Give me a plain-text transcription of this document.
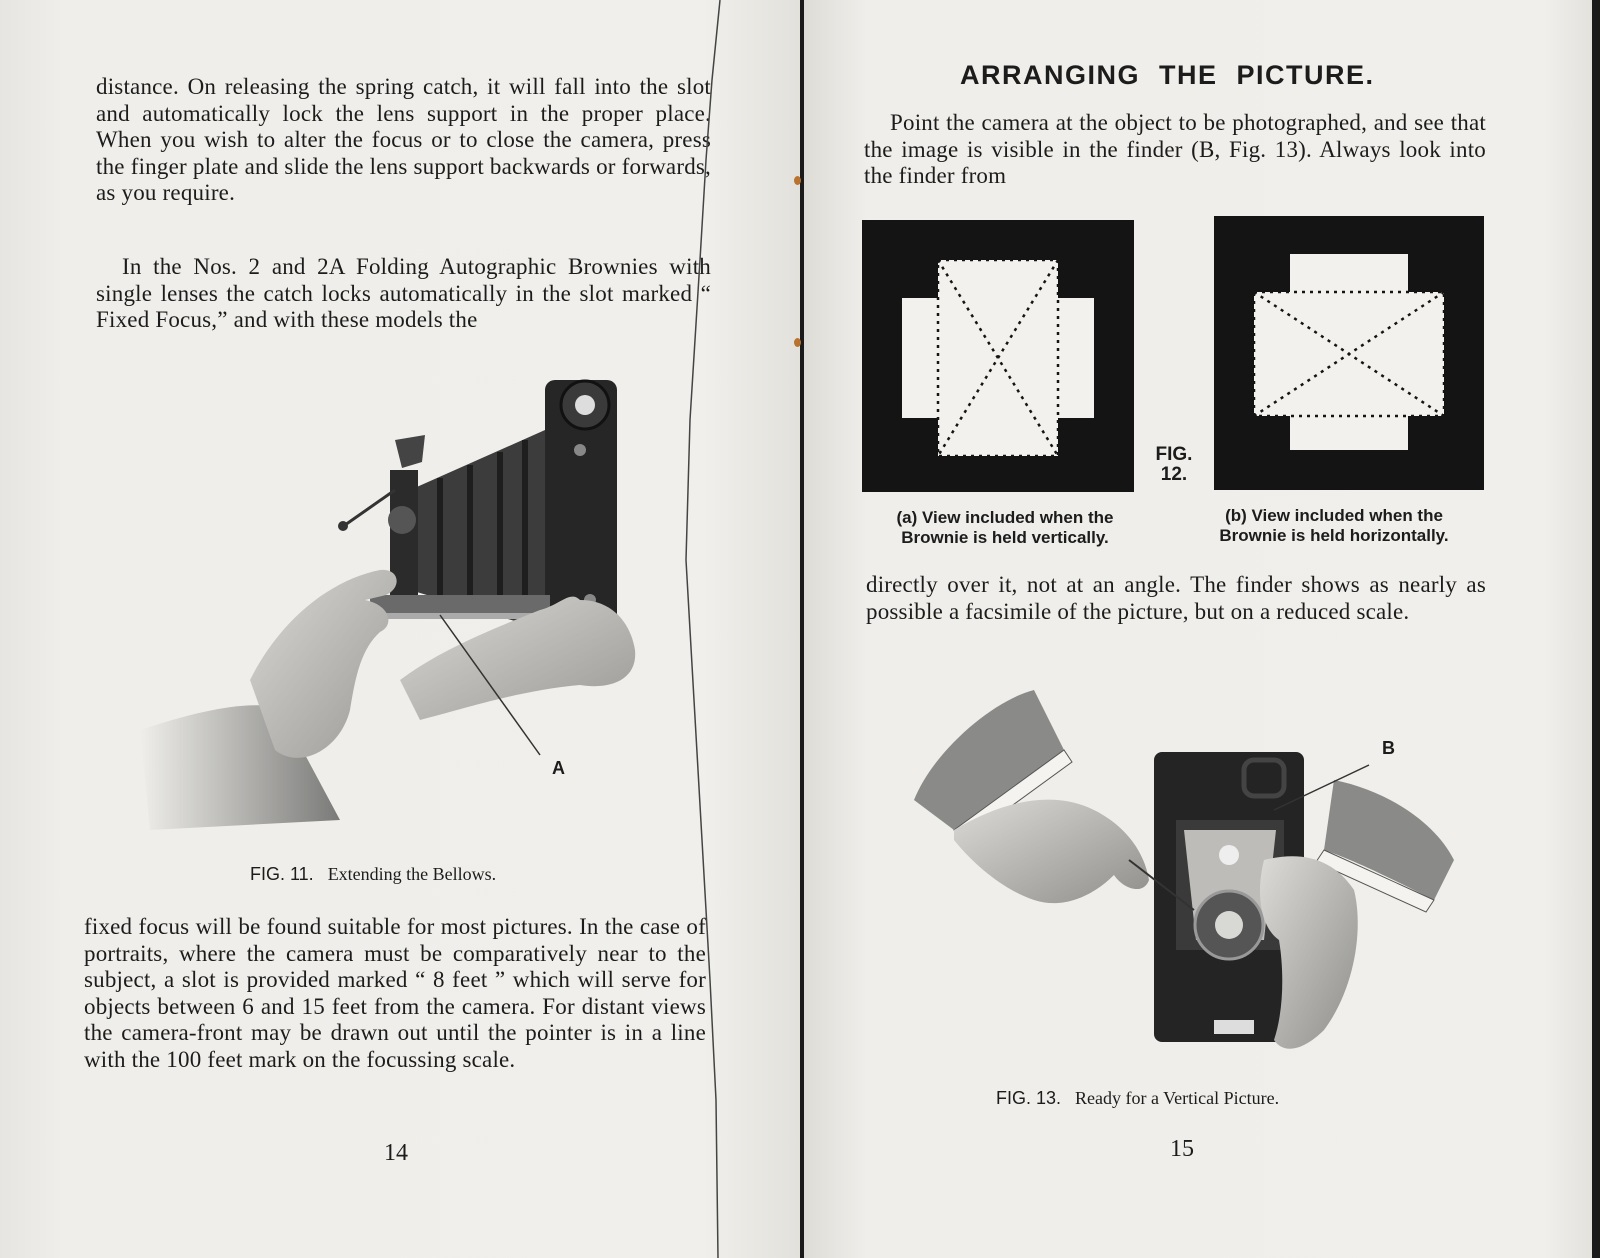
distance. On releasing the spring catch, it will fall into the slot and automatically lock the lens support in the proper place. When you wish to alter the focus or to close the camera, press the finger plate and slide the lens support backwards or forwards, as you require.

In the Nos. 2 and 2A Folding Autographic Brownies with single lenses the catch locks automatically in the slot marked “ Fixed Focus,” and with these models the

A
FIG. 11. Extending the Bellows.

fixed focus will be found suitable for most pictures. In the case of portraits, where the camera must be comparatively near to the subject, a slot is provided marked “ 8 feet ” which will serve for objects between 6 and 15 feet from the camera. For distant views the camera-front may be drawn out until the pointer is in a line with the 100 feet mark on the focussing scale.

14
ARRANGING THE PICTURE.

Point the camera at the object to be photographed, and see that the image is visible in the finder (B, Fig. 13). Always look into the finder from

FIG.
12.
(a) View included when the
Brownie is held vertically.
(b) View included when the
Brownie is held horizontally.

directly over it, not at an angle. The finder shows as nearly as possible a facsimile of the picture, but on a reduced scale.

B
FIG. 13. Ready for a Vertical Picture.
15
